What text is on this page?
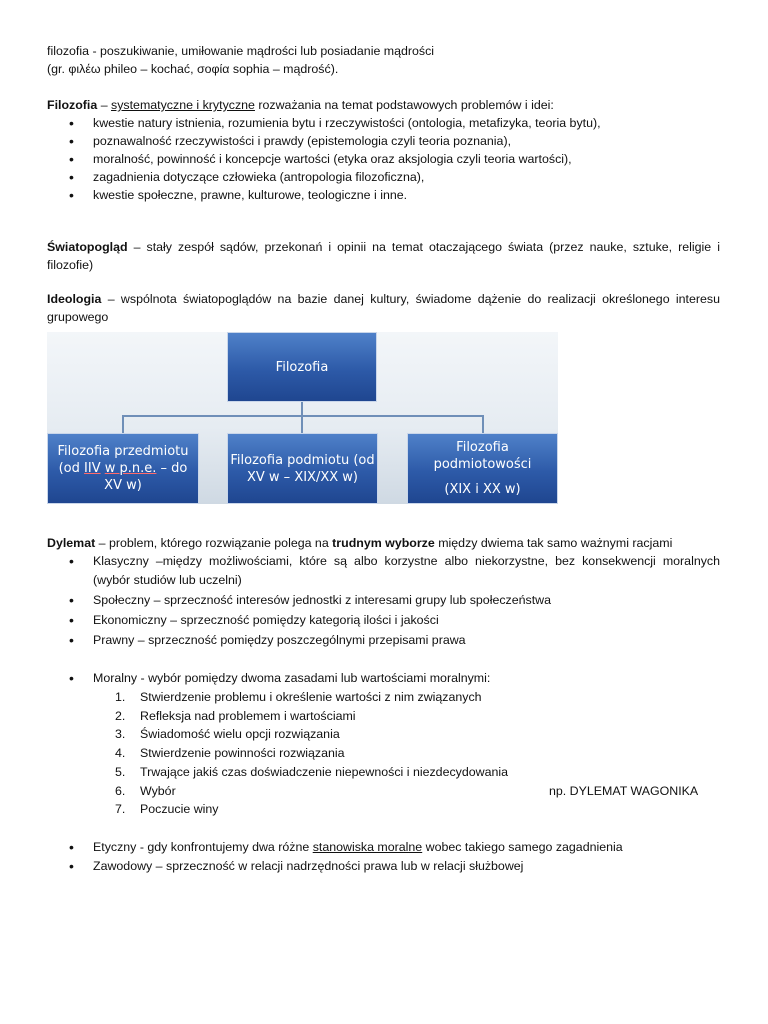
filozofia - poszukiwanie, umiłowanie mądrości lub posiadanie mądrości

(gr. φιλέω phileo – kochać, σοφία sophia – mądrość).

Filozofia – systematyczne i krytyczne rozważania na temat podstawowych problemów i idei:

• kwestie natury istnienia, rozumienia bytu i rzeczywistości (ontologia, metafizyka, teoria bytu),
• poznawalność rzeczywistości i prawdy (epistemologia czyli teoria poznania),
• moralność, powinność i koncepcje wartości (etyka oraz aksjologia czyli teoria wartości),
• zagadnienia dotyczące człowieka (antropologia filozoficzna),
• kwestie społeczne, prawne, kulturowe, teologiczne i inne.

Światopogląd – stały zespół sądów, przekonań i opinii na temat otaczającego świata (przez nauke, sztuke, religie i filozofie)

Ideologia – wspólnota światopoglądów na bazie danej kultury, świadome dążenie do realizacji określonego interesu grupowego

Filozofia
Filozofia przedmiotu
(od IIV w p.n.e. – do XV w)
Filozofia podmiotu (od XV w – XIX/XX w)
Filozofia podmiotowości
(XIX i XX w)

Dylemat – problem, którego rozwiązanie polega na trudnym wyborze między dwiema tak samo ważnymi racjami

• Klasyczny –między możliwościami, które są albo korzystne albo niekorzystne, bez konsekwencji moralnych (wybór studiów lub uczelni)
• Społeczny – sprzeczność interesów jednostki z interesami grupy lub społeczeństwa
• Ekonomiczny – sprzeczność pomiędzy kategorią ilości i jakości
• Prawny – sprzeczność pomiędzy poszczególnymi przepisami prawa
• Moralny - wybór pomiędzy dwoma zasadami lub wartościami moralnymi:
1. Stwierdzenie problemu i określenie wartości z nim związanych
2. Refleksja nad problemem i wartościami
3. Świadomość wielu opcji rozwiązania
4. Stwierdzenie powinności rozwiązania
5. Trwające jakiś czas doświadczenie niepewności i niezdecydowania
6. Wybór	np. DYLEMAT WAGONIKA
7. Poczucie winy
• Etyczny - gdy konfrontujemy dwa różne stanowiska moralne wobec takiego samego zagadnienia
• Zawodowy – sprzeczność w relacji nadrzędności prawa lub w relacji służbowej
